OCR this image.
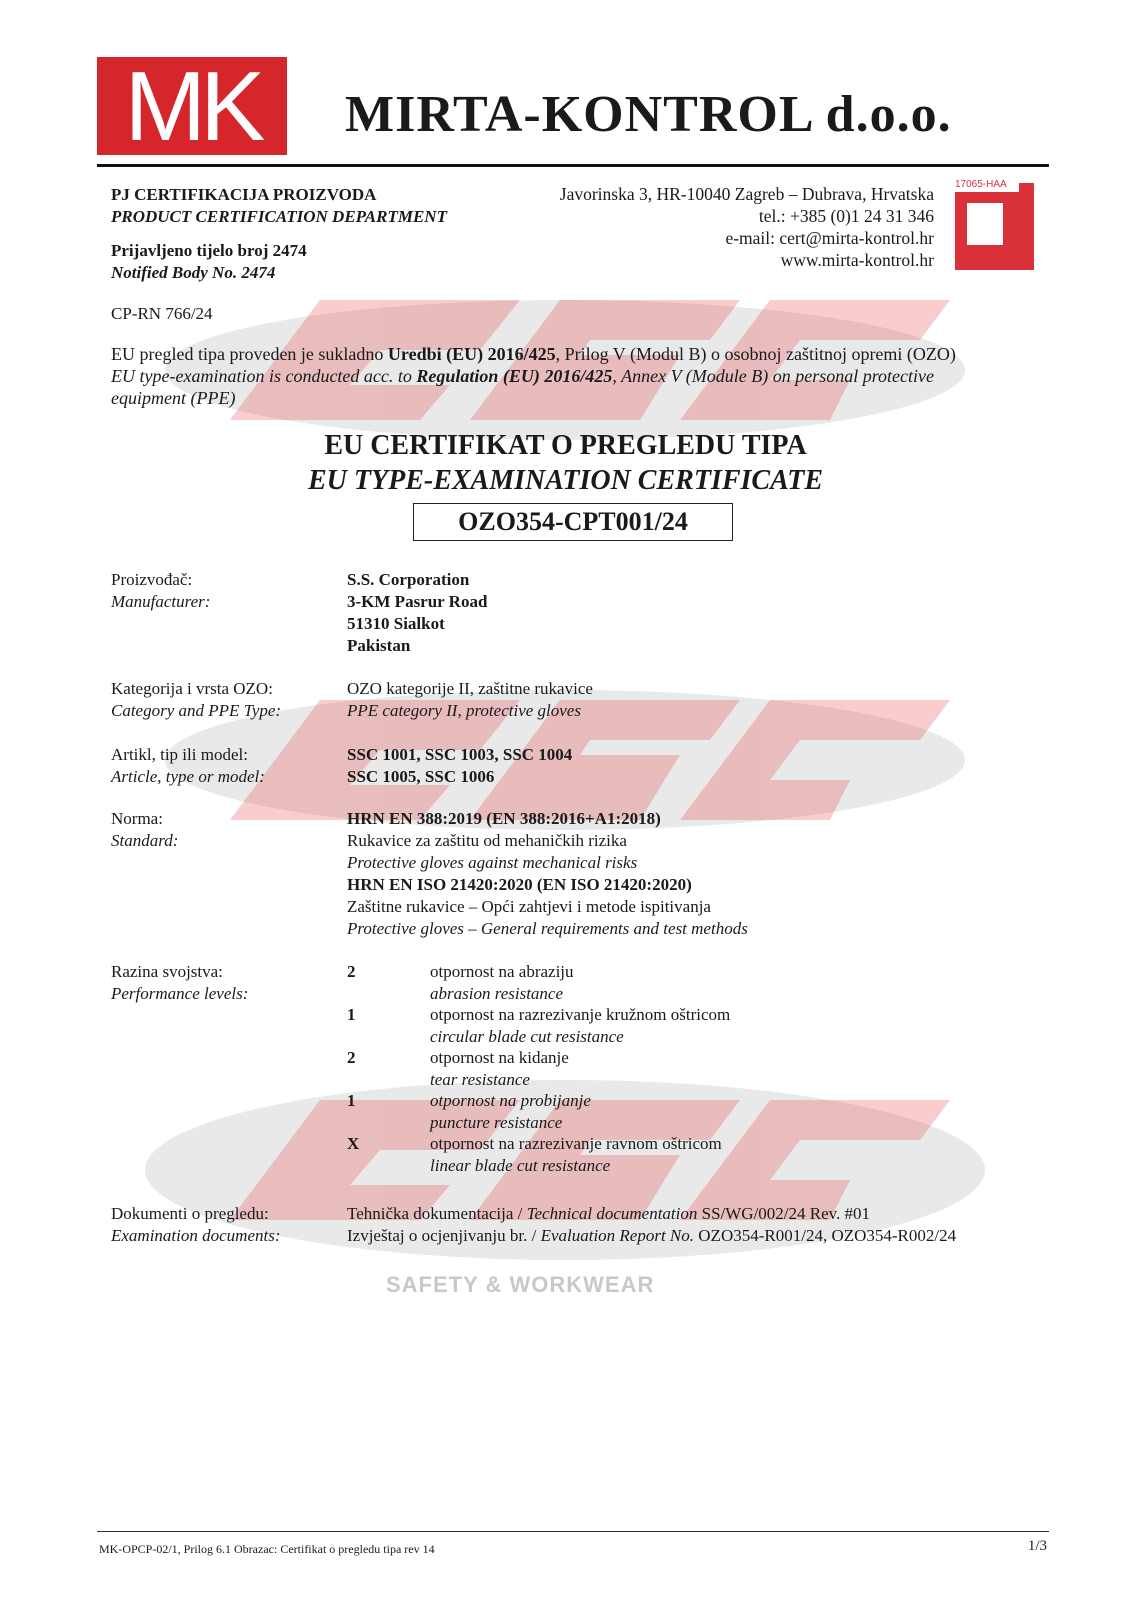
SAFETY & WORKWEAR
MK	MIRTA-KONTROL d.o.o.
PJ CERTIFIKACIJA PROIZVODA
PRODUCT CERTIFICATION DEPARTMENT
Prijavljeno tijelo broj 2474
Notified Body No. 2474
Javorinska 3, HR-10040 Zagreb – Dubrava, Hrvatska
tel.: +385 (0)1 24 31 346
e-mail: cert@mirta-kontrol.hr
www.mirta-kontrol.hr
17065-HAA
3247
CP-RN 766/24
EU pregled tipa proveden je sukladno Uredbi (EU) 2016/425, Prilog V (Modul B) o osobnoj zaštitnoj opremi (OZO)
EU type-examination is conducted acc. to Regulation (EU) 2016/425, Annex V (Module B) on personal protective
equipment (PPE)
EU CERTIFIKAT O PREGLEDU TIPA
EU TYPE-EXAMINATION CERTIFICATE
OZO354-CPT001/24
Proizvođač:
Manufacturer:
S.S. Corporation
3-KM Pasrur Road
51310 Sialkot
Pakistan
Kategorija i vrsta OZO:
Category and PPE Type:
OZO kategorije II, zaštitne rukavice
PPE category II, protective gloves
Artikl, tip ili model:
Article, type or model:
SSC 1001, SSC 1003, SSC 1004
SSC 1005, SSC 1006
Norma:
Standard:
HRN EN 388:2019 (EN 388:2016+A1:2018)
Rukavice za zaštitu od mehaničkih rizika
Protective gloves against mechanical risks
HRN EN ISO 21420:2020 (EN ISO 21420:2020)
Zaštitne rukavice – Opći zahtjevi i metode ispitivanja
Protective gloves – General requirements and test methods
Razina svojstva:
Performance levels:
2	otpornost na abraziju
abrasion resistance
1	otpornost na razrezivanje kružnom oštricom
circular blade cut resistance
2	otpornost na kidanje
tear resistance
1	otpornost na probijanje
puncture resistance
X	otpornost na razrezivanje ravnom oštricom
linear blade cut resistance
Dokumenti o pregledu:
Examination documents:
Tehnička dokumentacija / Technical documentation SS/WG/002/24 Rev. #01
Izvještaj o ocjenjivanju br. / Evaluation Report No. OZO354-R001/24, OZO354-R002/24
MK-OPCP-02/1, Prilog 6.1 Obrazac: Certifikat o pregledu tipa rev 14	1/3
